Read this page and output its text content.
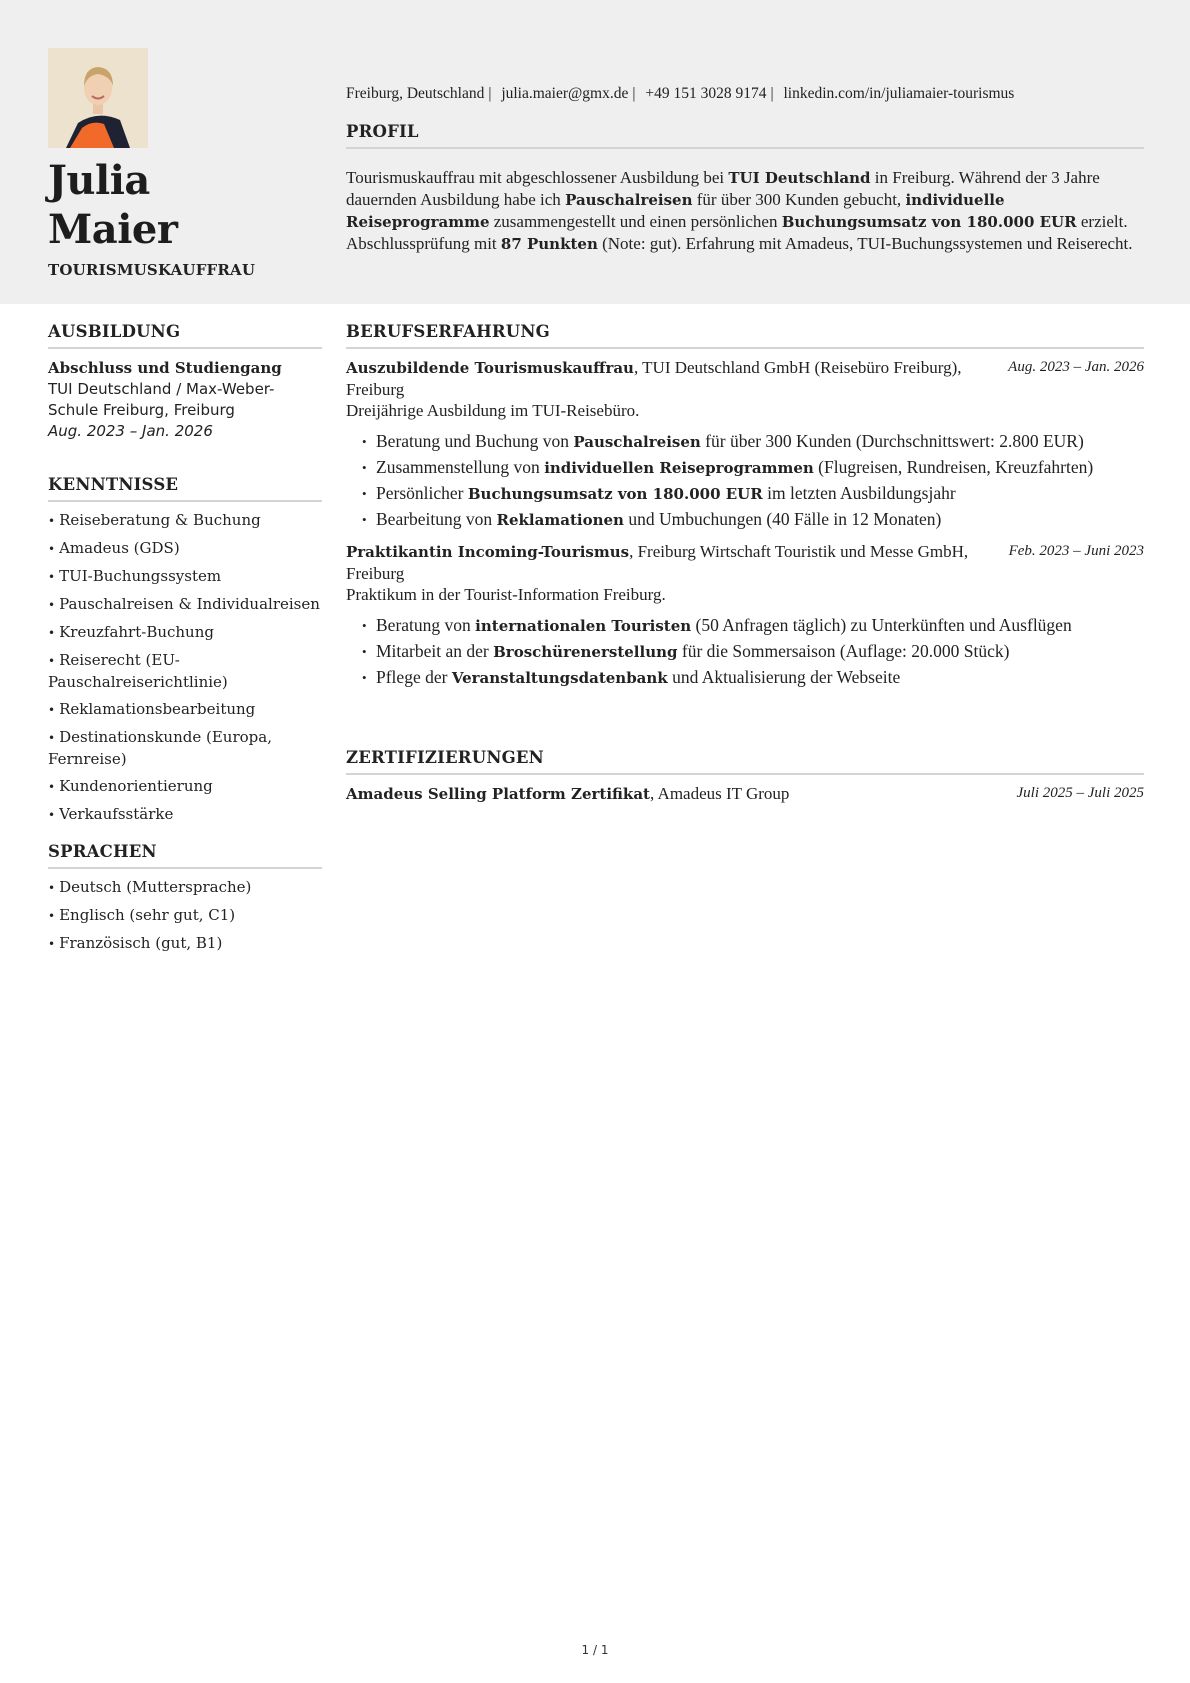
Julia
Maier
TOURISMUSKAUFFRAU
Freiburg, Deutschland | julia.maier@gmx.de | +49 151 3028 9174 | linkedin.com/in/juliamaier-tourismus
PROFIL
Tourismuskauffrau mit abgeschlossener Ausbildung bei TUI Deutschland in Freiburg. Während der 3 Jahre dauernden Ausbildung habe ich Pauschalreisen für über 300 Kunden gebucht, individuelle Reiseprogramme zusammengestellt und einen persönlichen Buchungsumsatz von 180.000 EUR erzielt. Abschlussprüfung mit 87 Punkten (Note: gut). Erfahrung mit Amadeus, TUI-Buchungssystemen und Reiserecht.
AUSBILDUNG
Abschluss und Studiengang
TUI Deutschland / Max-Weber-Schule Freiburg, Freiburg
Aug. 2023 – Jan. 2026
KENNTNISSE
• Reiseberatung & Buchung
• Amadeus (GDS)
• TUI-Buchungssystem
• Pauschalreisen & Individualreisen
• Kreuzfahrt-Buchung
• Reiserecht (EU-Pauschalreiserichtlinie)
• Reklamationsbearbeitung
• Destinationskunde (Europa, Fernreise)
• Kundenorientierung
• Verkaufsstärke
SPRACHEN
• Deutsch (Muttersprache)
• Englisch (sehr gut, C1)
• Französisch (gut, B1)
BERUFSERFAHRUNG
Auszubildende Tourismuskauffrau, TUI Deutschland GmbH (Reisebüro Freiburg), Freiburg
Aug. 2023 – Jan. 2026
Dreijährige Ausbildung im TUI-Reisebüro.
• Beratung und Buchung von Pauschalreisen für über 300 Kunden (Durchschnittswert: 2.800 EUR)
• Zusammenstellung von individuellen Reiseprogrammen (Flugreisen, Rundreisen, Kreuzfahrten)
• Persönlicher Buchungsumsatz von 180.000 EUR im letzten Ausbildungsjahr
• Bearbeitung von Reklamationen und Umbuchungen (40 Fälle in 12 Monaten)
Praktikantin Incoming-Tourismus, Freiburg Wirtschaft Touristik und Messe GmbH, Freiburg
Feb. 2023 – Juni 2023
Praktikum in der Tourist-Information Freiburg.
• Beratung von internationalen Touristen (50 Anfragen täglich) zu Unterkünften und Ausflügen
• Mitarbeit an der Broschürenerstellung für die Sommersaison (Auflage: 20.000 Stück)
• Pflege der Veranstaltungsdatenbank und Aktualisierung der Webseite
ZERTIFIZIERUNGEN
Amadeus Selling Platform Zertifikat, Amadeus IT Group	Juli 2025 – Juli 2025
1 / 1
